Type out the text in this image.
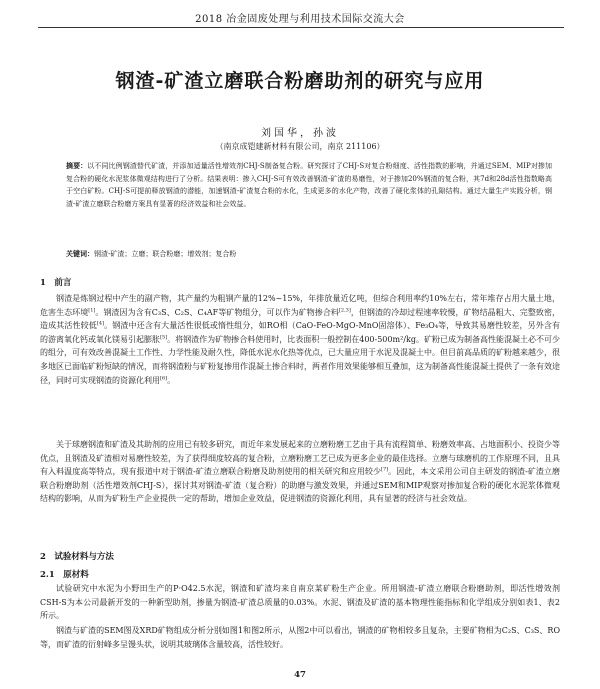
2018 冶金固废处理与利用技术国际交流大会
钢渣-矿渣立磨联合粉磨助剂的研究与应用
刘国华，孙波
（南京成铠建新材料有限公司，南京 211106）
摘要：以不同比例钢渣替代矿渣，并添加适量活性增效剂CHJ-S制备复合粉。研究探讨了CHJ-S对复合粉细度、活性指数的影响，并通过SEM、MIP对掺加复合粉的硬化水泥浆体微观结构进行了分析。结果表明：掺入CHJ-S可有效改善钢渣-矿渣的易磨性，对于掺加20%钢渣的复合粉，其7d和28d活性指数略高于空白矿粉。CHJ-S可提前释放钢渣的潜能，加速钢渣-矿渣复合粉的水化，生成更多的水化产物，改善了硬化浆体的孔隙结构。通过大量生产实践分析，钢渣-矿渣立磨联合粉磨方案具有显著的经济效益和社会效益。
关键词：钢渣-矿渣；立磨；联合粉磨；增效剂；复合粉
1　前言

钢渣是炼钢过程中产生的副产物，其产量约为粗钢产量的12%~15%，年排放量近亿吨，但综合利用率约10%左右，常年堆存占用大量土地，危害生态环境[1]。钢渣因为含有C₃S、C₂S、C₄AF等矿物组分，可以作为矿物掺合料[2,3]，但钢渣的冷却过程速率较慢，矿物结晶粗大、完整致密，造成其活性较低[4]。钢渣中还含有大量活性很低或惰性组分，如RO相（CaO-FeO-MgO-MnO固溶体）、Fe₃O₄等，导致其易磨性较差，另外含有的游离氧化钙或氧化镁易引起膨胀[5]。将钢渣作为矿物掺合料使用时，比表面积一般控制在400-500m²/kg。矿粉已成为制备高性能混凝土必不可少的组分，可有效改善混凝土工作性、力学性能及耐久性，降低水泥水化热等优点，已大量应用于水泥及混凝土中。但目前高品质的矿粉越来越少，很多地区已面临矿粉短缺的情况，而将钢渣粉与矿粉复掺用作混凝土掺合料时，两者作用效果能够相互叠加，这为制备高性能混凝土提供了一条有效途径，同时可实现钢渣的资源化利用[6]。

关于球磨钢渣和矿渣及其助剂的应用已有较多研究，而近年来发展起来的立磨粉磨工艺由于具有流程简单、粉磨效率高、占地面积小、投资少等优点，且钢渣及矿渣相对易磨性较差，为了获得细度较高的复合粉，立磨粉磨工艺已成为更多企业的最佳选择。立磨与球磨机的工作原理不同，且具有入料温度高等特点，现有报道中对于钢渣-矿渣立磨联合粉磨及助剂使用的相关研究和应用较少[7]。因此，本文采用公司自主研发的钢渣-矿渣立磨联合粉磨助剂（活性增效剂CHJ-S），探讨其对钢渣-矿渣（复合粉）的助磨与激发效果，并通过SEM和MIP观察对掺加复合粉的硬化水泥浆体微观结构的影响，从而为矿粉生产企业提供一定的帮助，增加企业效益，促进钢渣的资源化利用，具有显著的经济与社会效益。

2　试验材料与方法
2.1　原材料

试验研究中水泥为小野田生产的P·O42.5水泥，钢渣和矿渣均来自南京某矿粉生产企业。所用钢渣-矿渣立磨联合粉磨助剂，即活性增效剂CSH-S为本公司最新开发的一种新型助剂，掺量为钢渣-矿渣总质量的0.03%。水泥、钢渣及矿渣的基本物理性能指标和化学组成分别如表1、表2所示。

钢渣与矿渣的SEM图及XRD矿物组成分析分别如图1和图2所示，从图2中可以看出，钢渣的矿物相较多且复杂，主要矿物相为C₂S、C₃S、RO等，而矿渣的衍射峰多呈馒头状，说明其玻璃体含量较高，活性较好。

47
